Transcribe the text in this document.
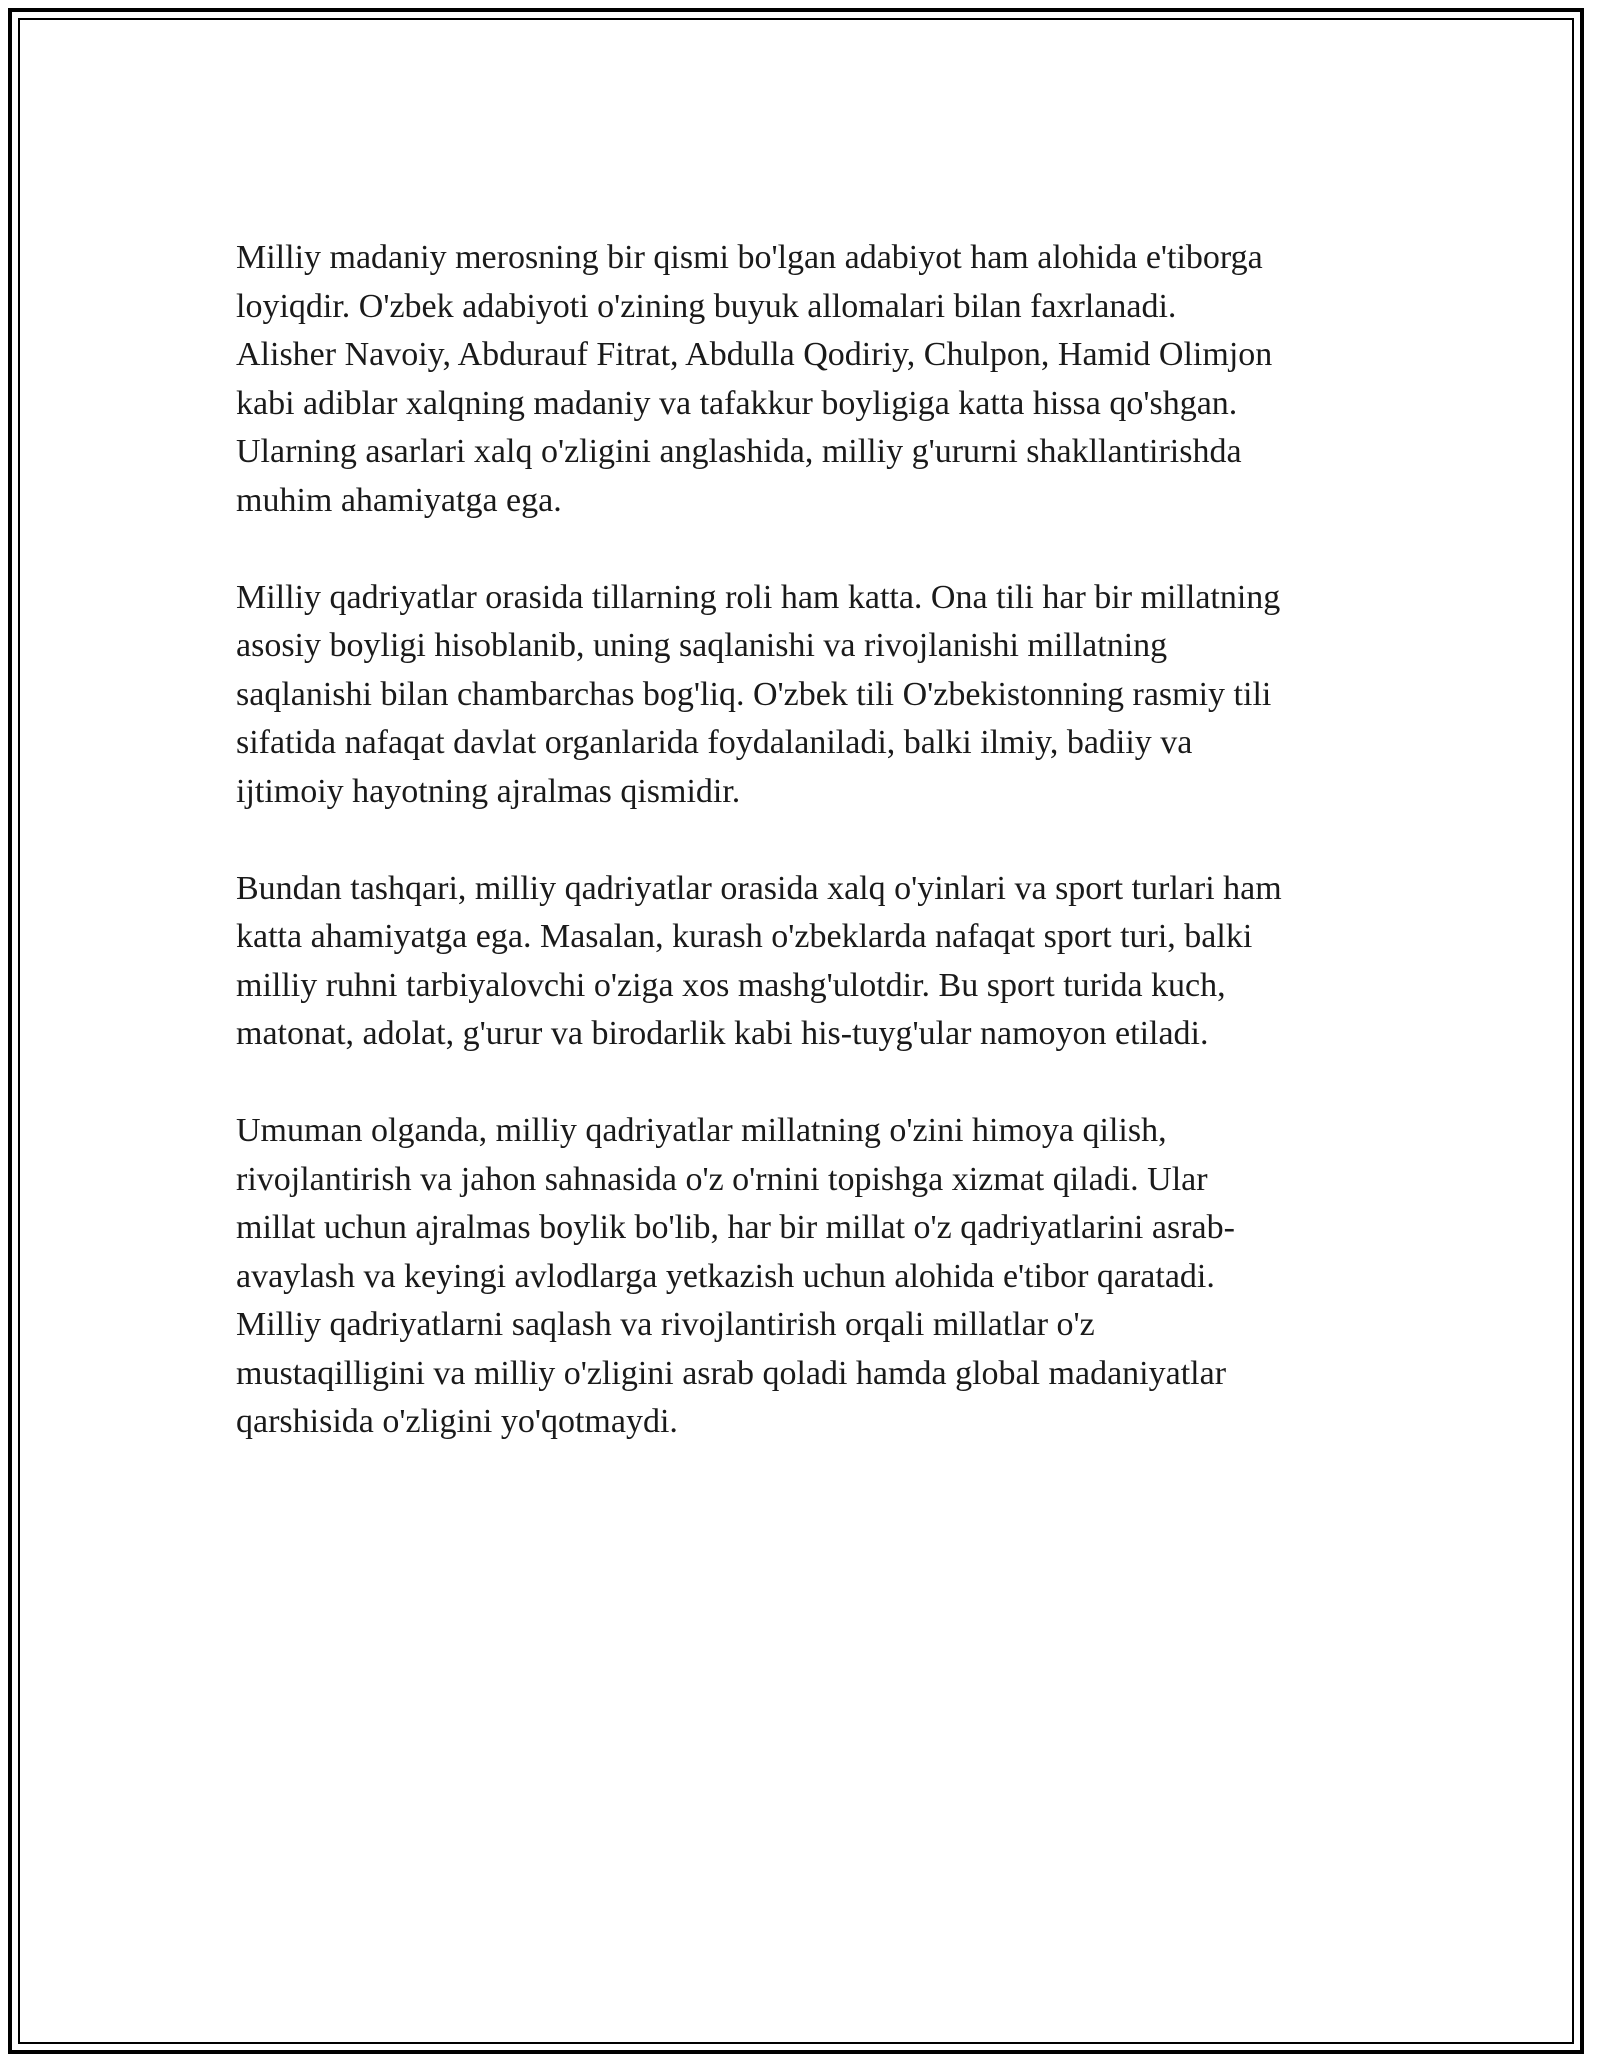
Milliy madaniy merosning bir qismi bo'lgan adabiyot ham alohida e'tiborga
loyiqdir. O'zbek adabiyoti o'zining buyuk allomalari bilan faxrlanadi.
Alisher Navoiy, Abdurauf Fitrat, Abdulla Qodiriy, Chulpon, Hamid Olimjon
kabi adiblar xalqning madaniy va tafakkur boyligiga katta hissa qo'shgan.
Ularning asarlari xalq o'zligini anglashida, milliy g'ururni shakllantirishda
muhim ahamiyatga ega.

Milliy qadriyatlar orasida tillarning roli ham katta. Ona tili har bir millatning
asosiy boyligi hisoblanib, uning saqlanishi va rivojlanishi millatning
saqlanishi bilan chambarchas bog'liq. O'zbek tili O'zbekistonning rasmiy tili
sifatida nafaqat davlat organlarida foydalaniladi, balki ilmiy, badiiy va
ijtimoiy hayotning ajralmas qismidir.

Bundan tashqari, milliy qadriyatlar orasida xalq o'yinlari va sport turlari ham
katta ahamiyatga ega. Masalan, kurash o'zbeklarda nafaqat sport turi, balki
milliy ruhni tarbiyalovchi o'ziga xos mashg'ulotdir. Bu sport turida kuch,
matonat, adolat, g'urur va birodarlik kabi his-tuyg'ular namoyon etiladi.

Umuman olganda, milliy qadriyatlar millatning o'zini himoya qilish,
rivojlantirish va jahon sahnasida o'z o'rnini topishga xizmat qiladi. Ular
millat uchun ajralmas boylik bo'lib, har bir millat o'z qadriyatlarini asrab-
avaylash va keyingi avlodlarga yetkazish uchun alohida e'tibor qaratadi.
Milliy qadriyatlarni saqlash va rivojlantirish orqali millatlar o'z
mustaqilligini va milliy o'zligini asrab qoladi hamda global madaniyatlar
qarshisida o'zligini yo'qotmaydi.
